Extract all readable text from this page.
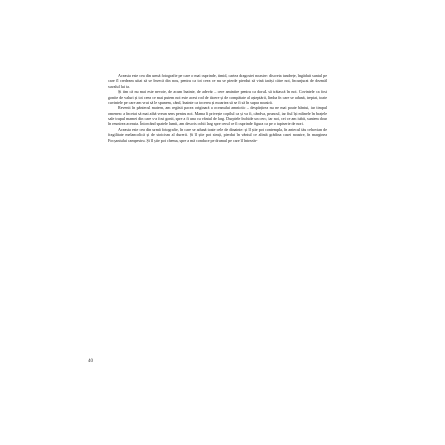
Aceasta este cea din urmă fotografie pe care o mai cuprinde, timid, cartea dragostei noastre: discreta tandrețe, îngăduit suntul pe care îl credeam uitat să se învecă din nou, pentru ca tot ceea ce nu se pierde pierdut să vină iarăși către noi, încunjurat de dezmăl suvalul lui ta.

Și tim că nu mai este nevoie, de acum înainte, de adevăr – cere amintire pentru ca doruL să trăiască în noi. Covintele ca fost gonite de valuri și tot ceea ce mai putem noi este acest rod de tăcere și de compătate al așteptării, limba în care se adună, treptat, toate cuvintele pe care am vrut să le spunem, când, înainte ca tocerea și moartea să se fi să în supra noastră.

Revenit în pântecul matern, am regăsit pacea originară a oceanului amniotic – despărțirea nu ne mai poate bântui, iar timpul omenesc a încetat să mai aibă vreun sens pentru noi. Mama îi privește copilul ca și va fi, cândva, pruncul, iar fiul își mîinele în brațele sale trupul mamei din care s-a fost gonit, spre a fi una cu vântul de larg. Durpiele închide un cerc, iar noi, cei ce am iubit, suntem doar în reunirea aceasta. Întorcând spatele lumii, am descris ochii larg spre cerul ce îi cuprinde figura ca pe o tapiserie de nori.

Aceasta este cea din urmă fotografie, în care se adună toate cele de dinainte: și îl știe pot contempla, în antecul tău cehovian de fragilitate melancolică și de stoicism al durerii. Și îl știe pot simți, pierdut în vântul ce alintă grădina casei noastre, în marginea Focșaniului campestru. Și îl știe pot chema, spre a mă conduce pe drumul pe care îl întrezăr-

40
